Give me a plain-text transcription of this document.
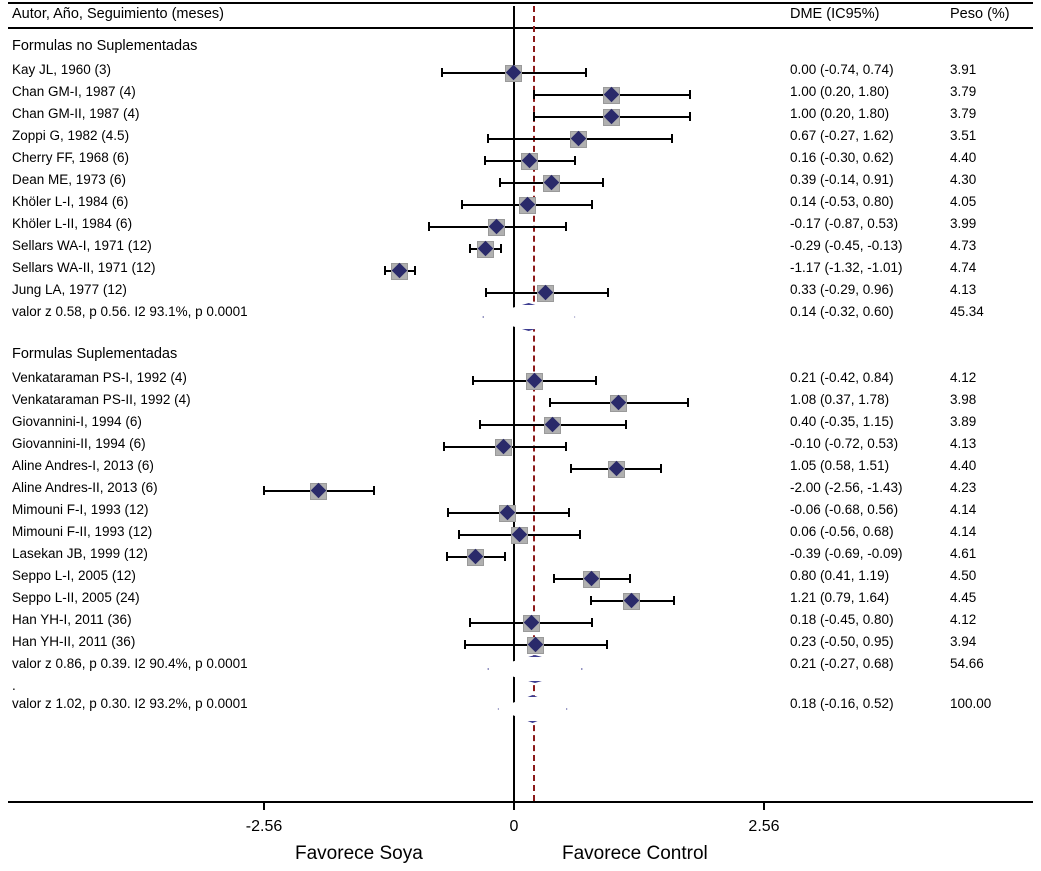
Autor, Año, Seguimiento (meses)	DME (IC95%)	Peso (%)
Formulas no Suplementadas
Kay JL, 1960 (3)	0.00 (-0.74, 0.74)	3.91
Chan GM-I, 1987 (4)	1.00 (0.20, 1.80)	3.79
Chan GM-II, 1987 (4)	1.00 (0.20, 1.80)	3.79
Zoppi G, 1982 (4.5)	0.67 (-0.27, 1.62)	3.51
Cherry FF, 1968 (6)	0.16 (-0.30, 0.62)	4.40
Dean ME, 1973 (6)	0.39 (-0.14, 0.91)	4.30
Khöler L-I, 1984 (6)	0.14 (-0.53, 0.80)	4.05
Khöler L-II, 1984 (6)	-0.17 (-0.87, 0.53)	3.99
Sellars WA-I, 1971 (12)	-0.29 (-0.45, -0.13)	4.73
Sellars WA-II, 1971 (12)	-1.17 (-1.32, -1.01)	4.74
Jung LA, 1977 (12)	0.33 (-0.29, 0.96)	4.13
valor z 0.58, p 0.56. I2 93.1%, p 0.0001	0.14 (-0.32, 0.60)	45.34
Formulas Suplementadas
Venkataraman PS-I, 1992 (4)	0.21 (-0.42, 0.84)	4.12
Venkataraman PS-II, 1992 (4)	1.08 (0.37, 1.78)	3.98
Giovannini-I, 1994 (6)	0.40 (-0.35, 1.15)	3.89
Giovannini-II, 1994 (6)	-0.10 (-0.72, 0.53)	4.13
Aline Andres-I, 2013 (6)	1.05 (0.58, 1.51)	4.40
Aline Andres-II, 2013 (6)	-2.00 (-2.56, -1.43)	4.23
Mimouni F-I, 1993 (12)	-0.06 (-0.68, 0.56)	4.14
Mimouni F-II, 1993 (12)	0.06 (-0.56, 0.68)	4.14
Lasekan JB, 1999 (12)	-0.39 (-0.69, -0.09)	4.61
Seppo L-I, 2005 (12)	0.80 (0.41, 1.19)	4.50
Seppo L-II, 2005 (24)	1.21 (0.79, 1.64)	4.45
Han YH-I, 2011 (36)	0.18 (-0.45, 0.80)	4.12
Han YH-II, 2011 (36)	0.23 (-0.50, 0.95)	3.94
valor z 0.86, p 0.39. I2 90.4%, p 0.0001	0.21 (-0.27, 0.68)	54.66
.
valor z 1.02, p 0.30. I2 93.2%, p 0.0001	0.18 (-0.16, 0.52)	100.00
-2.56	0	2.56
Favorece Soya	Favorece Control
